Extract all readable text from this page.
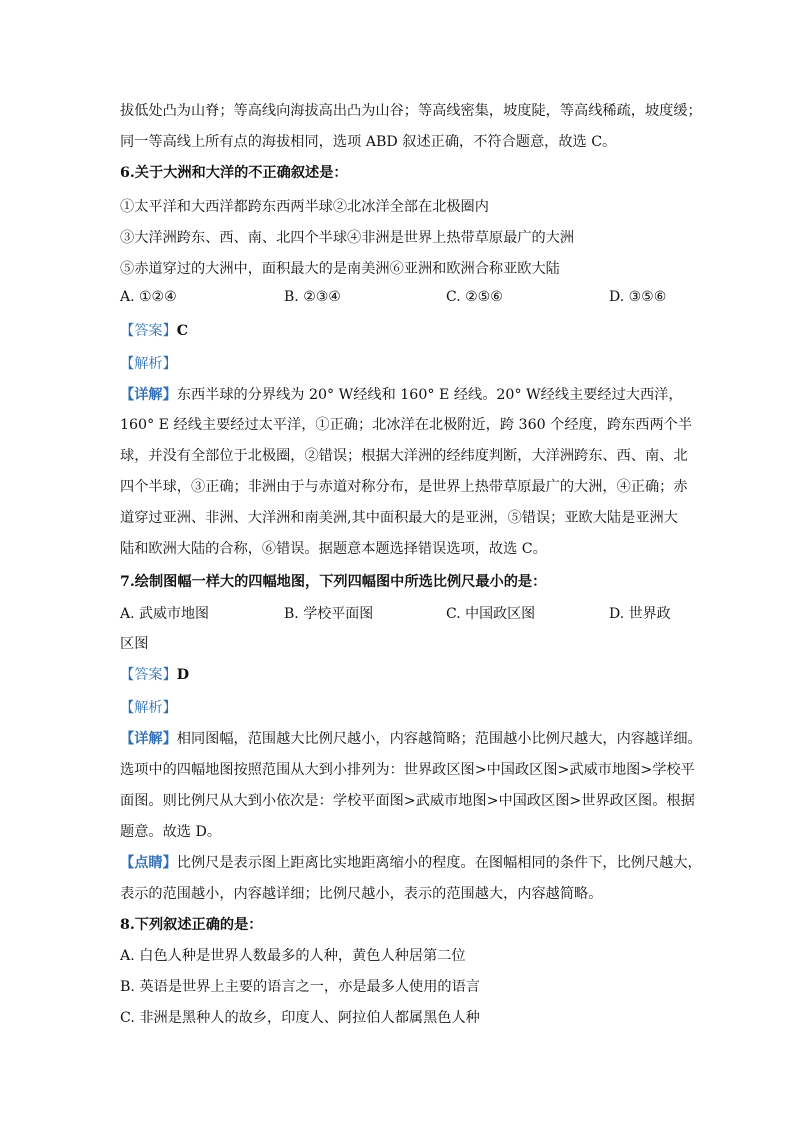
拔低处凸为山脊；等高线向海拔高出凸为山谷；等高线密集，坡度陡，等高线稀疏，坡度缓；
同一等高线上所有点的海拔相同，选项 ABD 叙述正确，不符合题意，故选 C。
6.关于大洲和大洋的不正确叙述是：
①太平洋和大西洋都跨东西两半球②北冰洋全部在北极圈内
③大洋洲跨东、西、南、北四个半球④非洲是世界上热带草原最广的大洲
⑤赤道穿过的大洲中，面积最大的是南美洲⑥亚洲和欧洲合称亚欧大陆
A. ①②④	B. ②③④	C. ②⑤⑥	D. ③⑤⑥
【答案】C
【解析】
【详解】东西半球的分界线为 20° W经线和 160° E 经线。20° W经线主要经过大西洋，
160° E 经线主要经过太平洋，①正确；北冰洋在北极附近，跨 360 个经度，跨东西两个半
球，并没有全部位于北极圈，②错误；根据大洋洲的经纬度判断，大洋洲跨东、西、南、北
四个半球，③正确；非洲由于与赤道对称分布，是世界上热带草原最广的大洲，④正确；赤
道穿过亚洲、非洲、大洋洲和南美洲,其中面积最大的是亚洲，⑤错误；亚欧大陆是亚洲大
陆和欧洲大陆的合称，⑥错误。据题意本题选择错误选项，故选 C。
7.绘制图幅一样大的四幅地图，下列四幅图中所选比例尺最小的是：
A. 武威市地图	B. 学校平面图	C. 中国政区图	D. 世界政
区图
【答案】D
【解析】
【详解】相同图幅，范围越大比例尺越小，内容越简略；范围越小比例尺越大，内容越详细。
选项中的四幅地图按照范围从大到小排列为：世界政区图>中国政区图>武威市地图>学校平
面图。则比例尺从大到小依次是：学校平面图>武威市地图>中国政区图>世界政区图。根据
题意。故选 D。
【点睛】比例尺是表示图上距离比实地距离缩小的程度。在图幅相同的条件下，比例尺越大，
表示的范围越小，内容越详细；比例尺越小，表示的范围越大，内容越简略。
8.下列叙述正确的是：
A. 白色人种是世界人数最多的人种，黄色人种居第二位
B. 英语是世界上主要的语言之一，亦是最多人使用的语言
C. 非洲是黑种人的故乡，印度人、阿拉伯人都属黑色人种
